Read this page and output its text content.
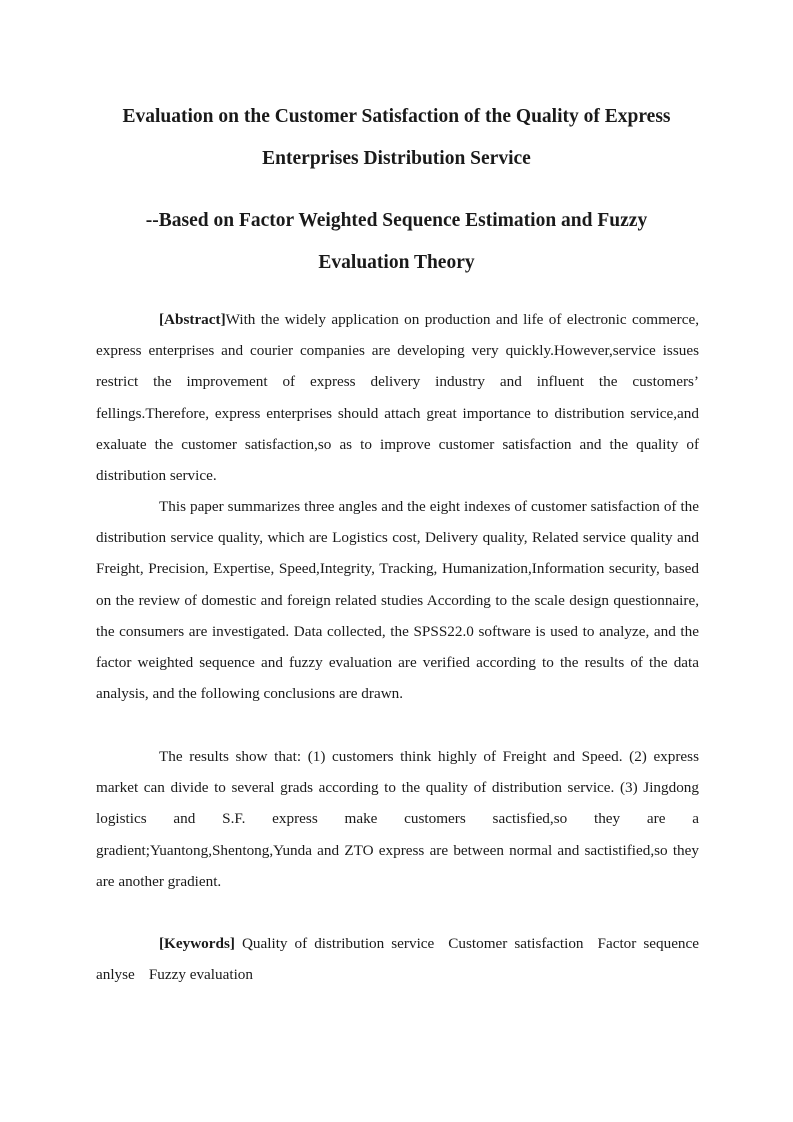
Evaluation on the Customer Satisfaction of the Quality of Express
Enterprises Distribution Service
--Based on Factor Weighted Sequence Estimation and Fuzzy
Evaluation Theory

[Abstract]With the widely application on production and life of electronic commerce, express enterprises and courier companies are developing very quickly.However,service issues restrict the improvement of express delivery industry and influent the customers’ fellings.Therefore, express enterprises should attach great importance to distribution service,and exaluate the customer satisfaction,so as to improve customer satisfaction and the quality of distribution service.

This paper summarizes three angles and the eight indexes of customer satisfaction of the distribution service quality, which are Logistics cost, Delivery quality, Related service quality and Freight, Precision, Expertise, Speed,Integrity, Tracking, Humanization,Information security, based on the review of domestic and foreign related studies According to the scale design questionnaire, the consumers are investigated. Data collected, the SPSS22.0 software is used to analyze, and the factor weighted sequence and fuzzy evaluation are verified according to the results of the data analysis, and the following conclusions are drawn.

The results show that: (1) customers think highly of Freight and Speed. (2) express market can divide to several grads according to the quality of distribution service. (3) Jingdong logistics and S.F. express make customers sactisfied,so they are a gradient;Yuantong,Shentong,Yunda and ZTO express are between normal and sactistified,so they are another gradient.

[Keywords] Quality of distribution service Customer satisfaction Factor sequence anlyse Fuzzy evaluation
